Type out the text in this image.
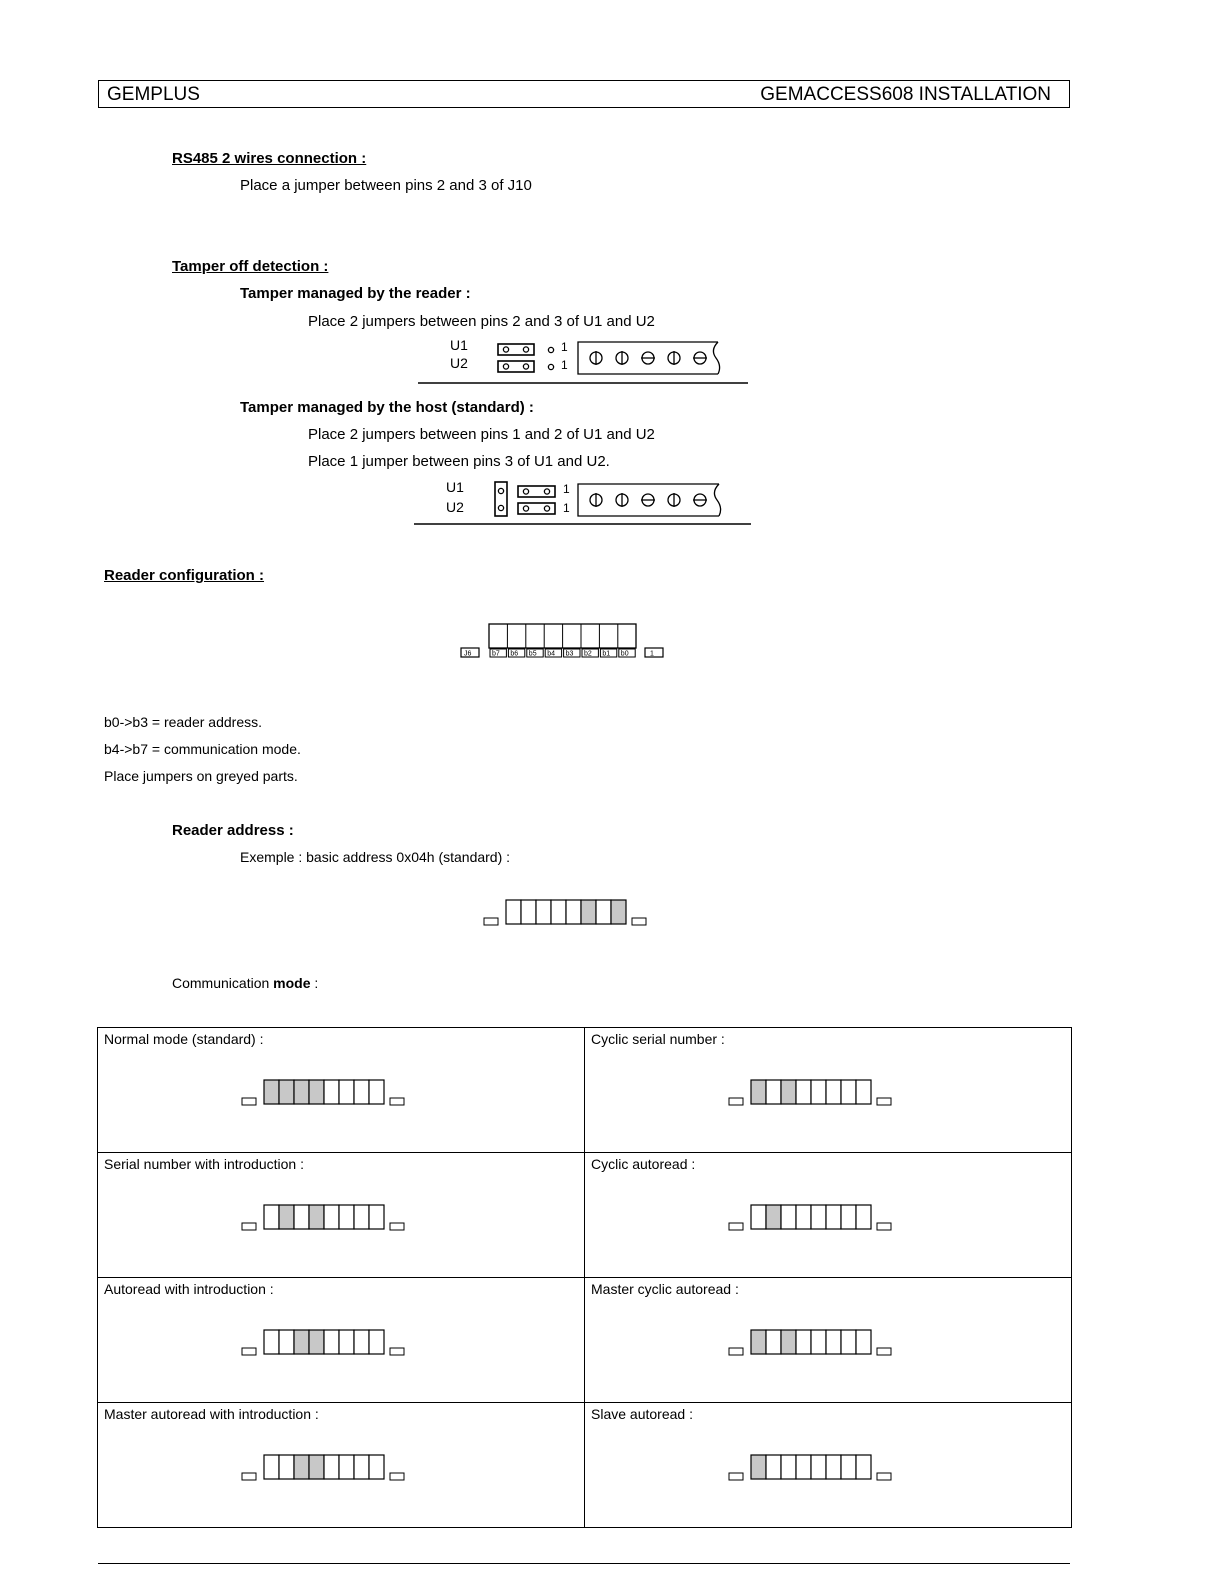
GEMPLUS	GEMACCESS608 INSTALLATION
RS485 2 wires connection :
Place a jumper between pins 2 and 3 of J10
Tamper off detection :
Tamper managed by the reader :
Place 2 jumpers between pins 2 and 3 of U1 and U2
U1
U2
1
1
Tamper managed by the host (standard) :
Place 2 jumpers between pins 1 and 2 of U1 and U2
Place 1 jumper between pins 3 of U1 and U2.
U1
U2
1
1
Reader configuration :
J6	b7 b6 b5 b4 b3 b2 b1 b0	1
b0->b3 = reader address.
b4->b7 = communication mode.
Place jumpers on greyed parts.
Reader address :
Exemple : basic address 0x04h (standard) :
Communication mode :
Normal mode (standard) :	Cyclic serial number :

Serial number with introduction :	Cyclic autoread :

Autoread with introduction :	Master cyclic autoread :

Master autoread with introduction :	Slave autoread :
